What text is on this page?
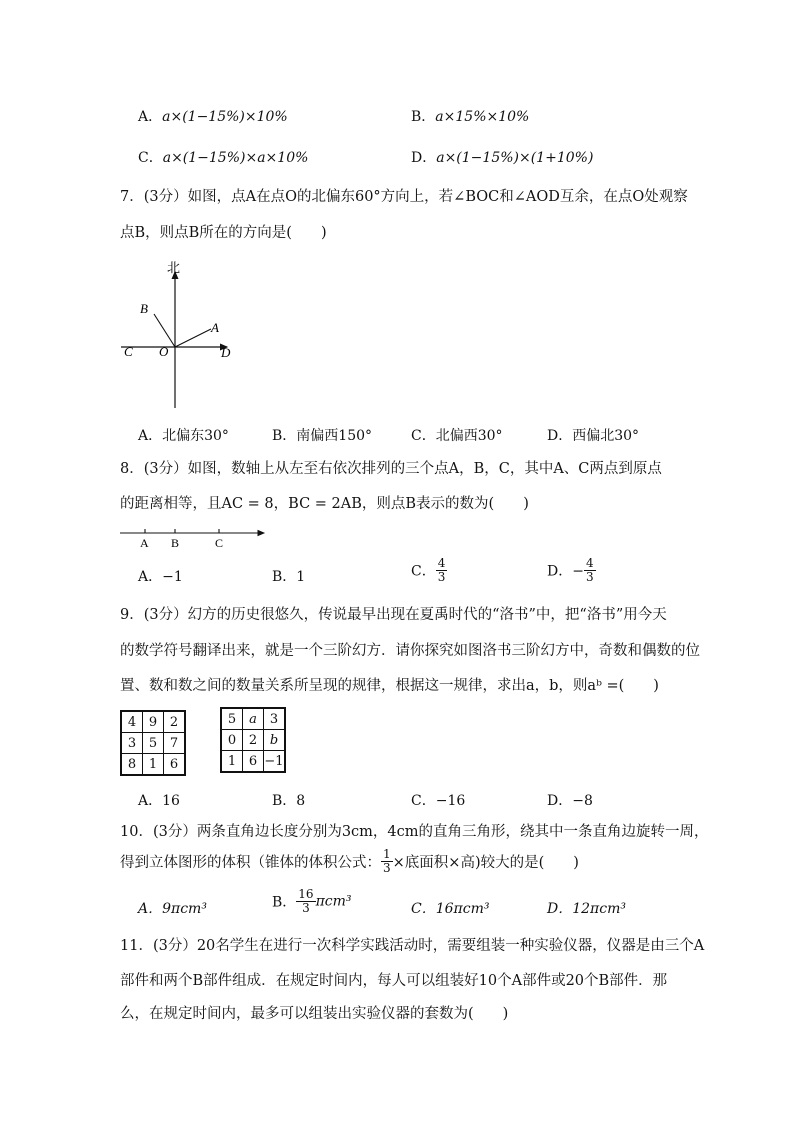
A．a×(1−15%)×10%	B．a×15%×10%
C．a×(1−15%)×a×10%	D．a×(1−15%)×(1+10%)
7．(3分）如图，点A在点O的北偏东60°方向上，若∠BOC和∠AOD互余，在点O处观察
点B，则点B所在的方向是(　　)
北
B
A
C O	D
A．北偏东30°	B．南偏西150°	C．北偏西30°	D．西偏北30°
8．(3分）如图，数轴上从左至右依次排列的三个点A，B，C，其中A、C两点到原点
的距离相等，且AC = 8，BC = 2AB，则点B表示的数为(　　)
A B	C
A．−1	B．1	C． $\frac{4}{3}$	D．− $\frac{4}{3}$
9．(3分）幻方的历史很悠久，传说最早出现在夏禹时代的“洛书”中，把“洛书”用今天
的数学符号翻译出来，就是一个三阶幻方．请你探究如图洛书三阶幻方中，奇数和偶数的位
置、数和数之间的数量关系所呈现的规律，根据这一规律，求出a，b，则aᵇ =(　　)
4	9	2
3	5	7
8	1	6
5	a	3
0	2	b
1	6	−1
A．16	B．8	C．−16	D．−8
10．(3分）两条直角边长度分别为3cm，4cm的直角三角形，绕其中一条直角边旋转一周，
得到立体图形的体积（锥体的体积公式： $\frac{1}{3}$ ×底面积×高)较大的是(　　)
A．9πcm³	B． $\frac{16}{3} \pi cm^3$	C．16πcm³	D．12πcm³
11．(3分）20名学生在进行一次科学实践活动时，需要组装一种实验仪器，仪器是由三个A
部件和两个B部件组成．在规定时间内，每人可以组装好10个A部件或20个B部件．那
么，在规定时间内，最多可以组装出实验仪器的套数为(　　)
